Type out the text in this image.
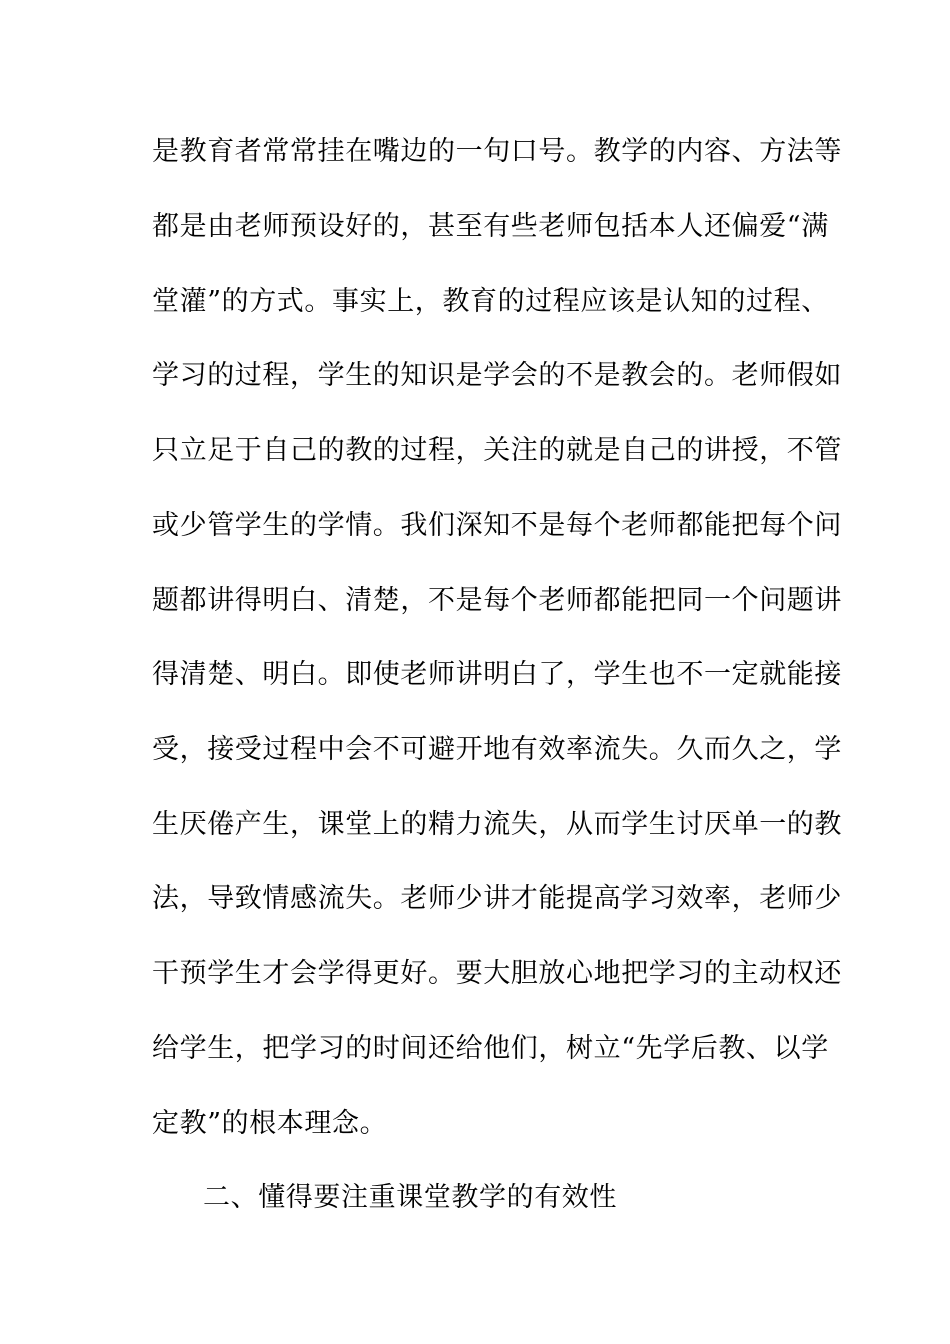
是教育者常常挂在嘴边的一句口号。教学的内容、方法等
都是由老师预设好的，甚至有些老师包括本人还偏爱“满
堂灌”的方式。事实上，教育的过程应该是认知的过程、
学习的过程，学生的知识是学会的不是教会的。老师假如
只立足于自己的教的过程，关注的就是自己的讲授，不管
或少管学生的学情。我们深知不是每个老师都能把每个问
题都讲得明白、清楚，不是每个老师都能把同一个问题讲
得清楚、明白。即使老师讲明白了，学生也不一定就能接
受，接受过程中会不可避开地有效率流失。久而久之，学
生厌倦产生，课堂上的精力流失，从而学生讨厌单一的教
法，导致情感流失。老师少讲才能提高学习效率，老师少
干预学生才会学得更好。要大胆放心地把学习的主动权还
给学生，把学习的时间还给他们，树立“先学后教、以学
定教”的根本理念。
二、懂得要注重课堂教学的有效性
